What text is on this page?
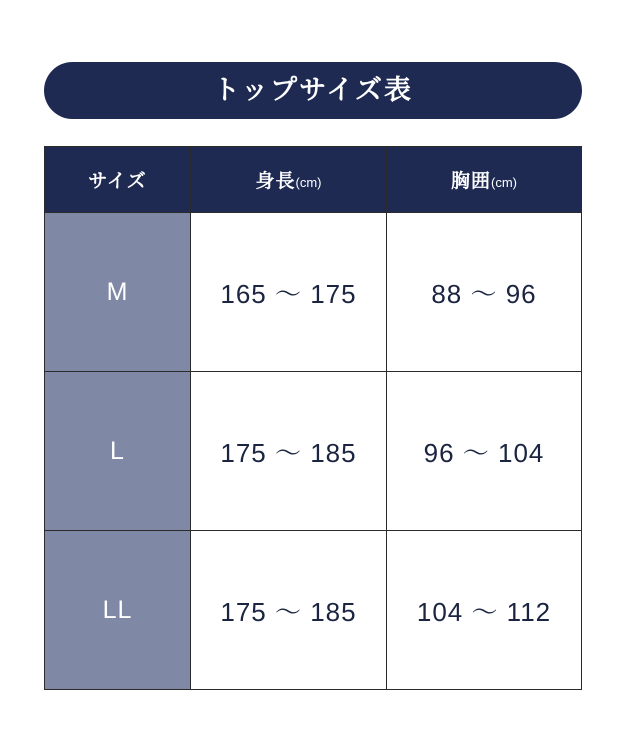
トップサイズ表
サイズ	身長(cm)	胸囲(cm)
M	165 〜 175	88 〜 96
L	175 〜 185	96 〜 104
LL	175 〜 185	104 〜 112
